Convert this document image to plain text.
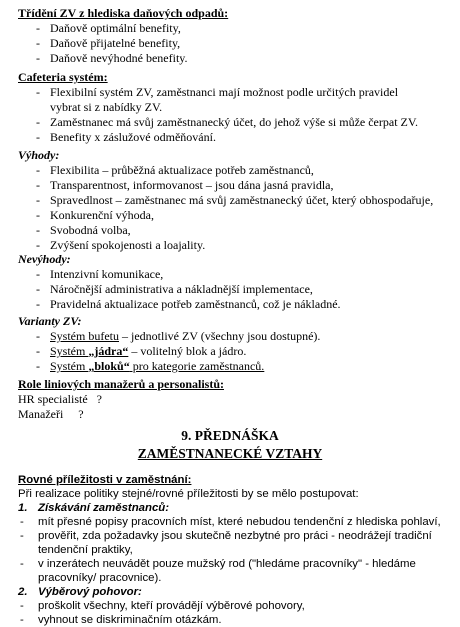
Třídění ZV z hlediska daňových odpadů:
- Daňově optimální benefity,
- Daňově přijatelné benefity,
- Daňově nevýhodné benefity.
Cafeteria systém:
- Flexibilní systém ZV, zaměstnanci mají možnost podle určitých pravidel vybrat si z nabídky ZV.
- Zaměstnanec má svůj zaměstnanecký účet, do jehož výše si může čerpat ZV.
- Benefity x záslužové odměňování.
Výhody:
- Flexibilita – průběžná aktualizace potřeb zaměstnanců,
- Transparentnost, informovanost – jsou dána jasná pravidla,
- Spravedlnost – zaměstnanec má svůj zaměstnanecký účet, který obhospodařuje,
- Konkurenční výhoda,
- Svobodná volba,
- Zvýšení spokojenosti a loajality.
Nevýhody:
- Intenzivní komunikace,
- Náročnější administrativa a nákladnější implementace,
- Pravidelná aktualizace potřeb zaměstnanců, což je nákladné.
Varianty ZV:
- Systém bufetu – jednotlivé ZV (všechny jsou dostupné).
- Systém „jádra“ – volitelný blok a jádro.
- Systém „bloků“ pro kategorie zaměstnanců.
Role liniových manažerů a personalistů:
HR specialisté   ?
Manažeři     ?
9. PŘEDNÁŠKA
ZAMĚSTNANECKÉ VZTAHY
Rovné příležitosti v zaměstnání:
Při realizace politiky stejné/rovné příležitosti by se mělo postupovat:
1. Získávání zaměstnanců:
- mít přesné popisy pracovních míst, které nebudou tendenční z hlediska pohlaví,
- prověřit, zda požadavky jsou skutečně nezbytné pro práci - neodrážejí tradiční tendenční praktiky,
- v inzerátech neuvádět pouze mužský rod ("hledáme pracovníky" - hledáme pracovníky/ pracovnice).
2. Výběrový pohovor:
- proškolit všechny, kteří provádějí výběrové pohovory,
- vyhnout se diskriminačním otázkám.
